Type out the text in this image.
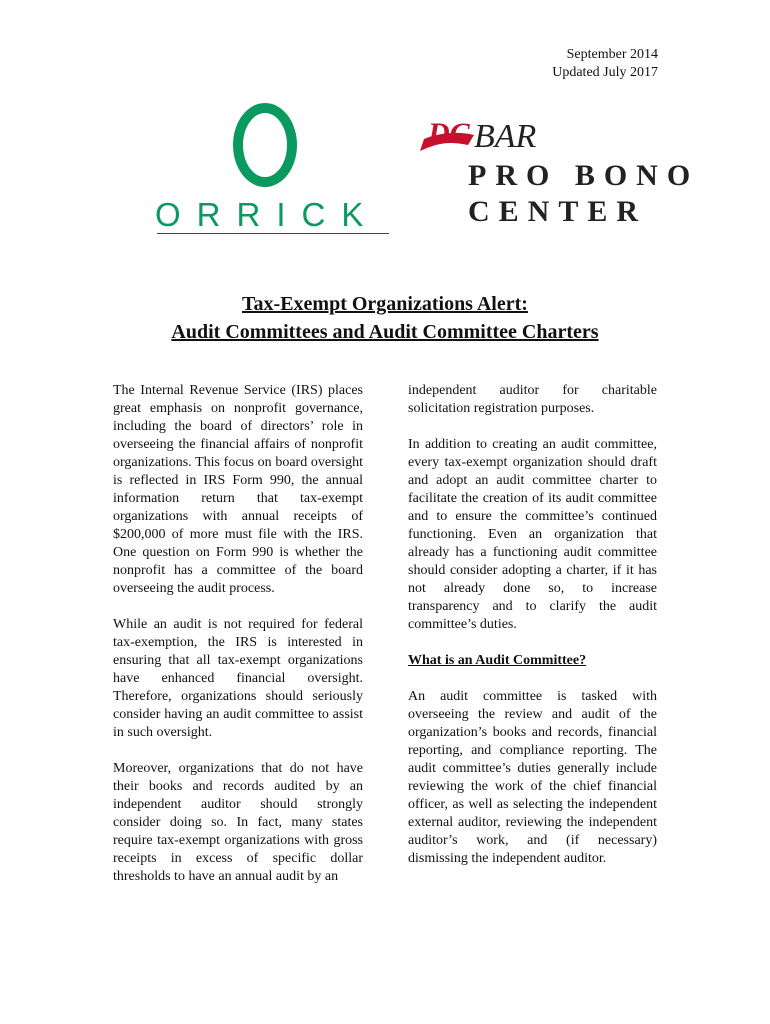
September 2014
Updated July 2017
ORRICK
DC BAR
PRO BONO
CENTER
Tax-Exempt Organizations Alert:
Audit Committees and Audit Committee Charters

The Internal Revenue Service (IRS) places great emphasis on nonprofit governance, including the board of directors’ role in overseeing the financial affairs of nonprofit organizations. This focus on board oversight is reflected in IRS Form 990, the annual information return that tax-exempt organizations with annual receipts of $200,000 of more must file with the IRS. One question on Form 990 is whether the nonprofit has a committee of the board overseeing the audit process.

While an audit is not required for federal tax-exemption, the IRS is interested in ensuring that all tax-exempt organizations have enhanced financial oversight. Therefore, organizations should seriously consider having an audit committee to assist in such oversight.

Moreover, organizations that do not have their books and records audited by an independent auditor should strongly consider doing so. In fact, many states require tax-exempt organizations with gross receipts in excess of specific dollar thresholds to have an annual audit by an

independent auditor for charitable solicitation registration purposes.

In addition to creating an audit committee, every tax-exempt organization should draft and adopt an audit committee charter to facilitate the creation of its audit committee and to ensure the committee’s continued functioning. Even an organization that already has a functioning audit committee should consider adopting a charter, if it has not already done so, to increase transparency and to clarify the audit committee’s duties.

What is an Audit Committee?

An audit committee is tasked with overseeing the review and audit of the organization’s books and records, financial reporting, and compliance reporting. The audit committee’s duties generally include reviewing the work of the chief financial officer, as well as selecting the independent external auditor, reviewing the independent auditor’s work, and (if necessary) dismissing the independent auditor.
